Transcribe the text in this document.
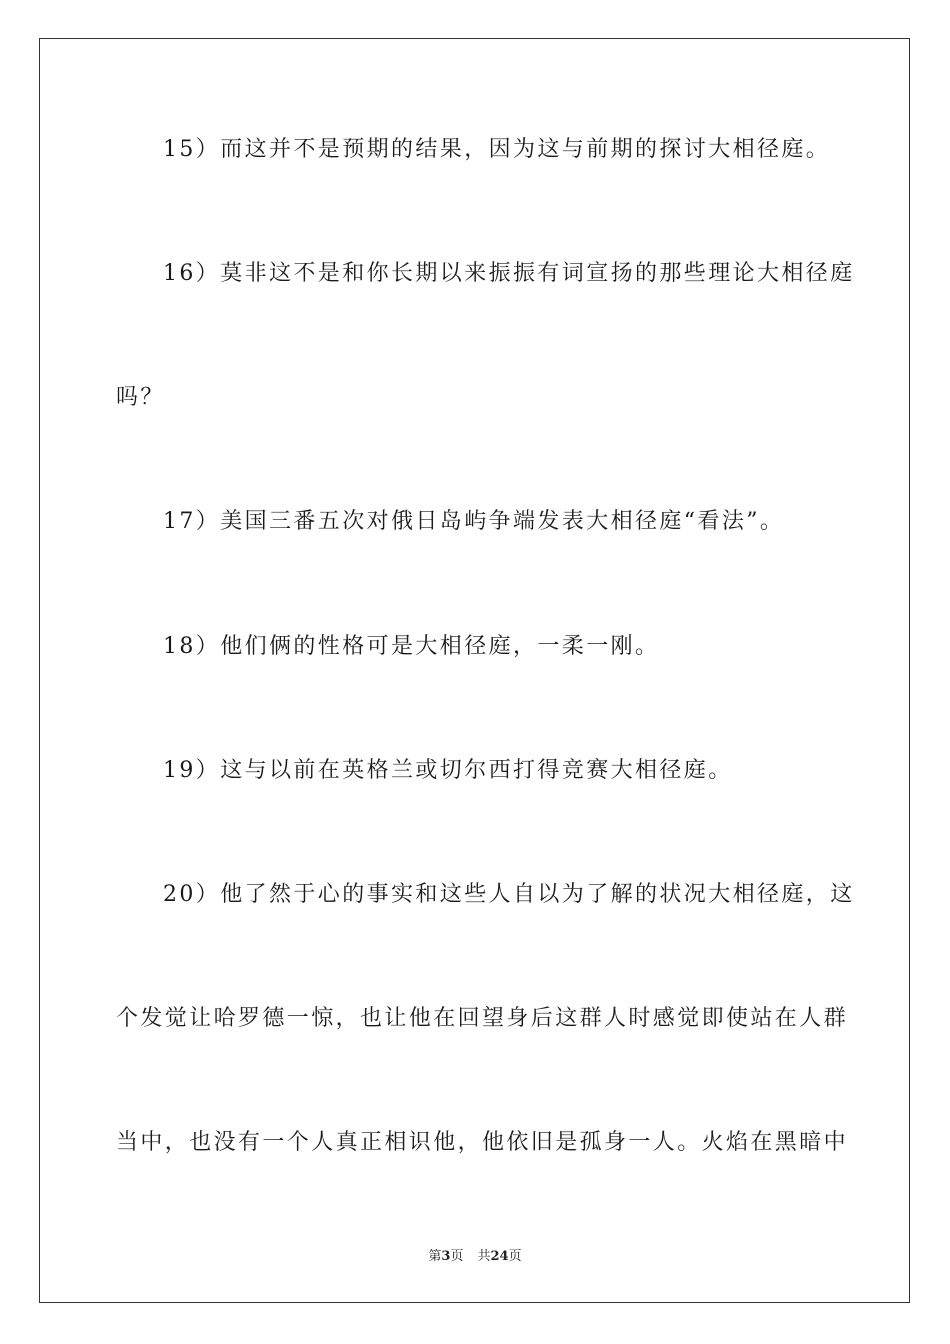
15）而这并不是预期的结果，因为这与前期的探讨大相径庭。
16）莫非这不是和你长期以来振振有词宣扬的那些理论大相径庭
吗？
17）美国三番五次对俄日岛屿争端发表大相径庭“看法”。
18）他们俩的性格可是大相径庭，一柔一刚。
19）这与以前在英格兰或切尔西打得竞赛大相径庭。
20）他了然于心的事实和这些人自以为了解的状况大相径庭，这
个发觉让哈罗德一惊，也让他在回望身后这群人时感觉即使站在人群
当中，也没有一个人真正相识他，他依旧是孤身一人。火焰在黑暗中
第3页 共24页
